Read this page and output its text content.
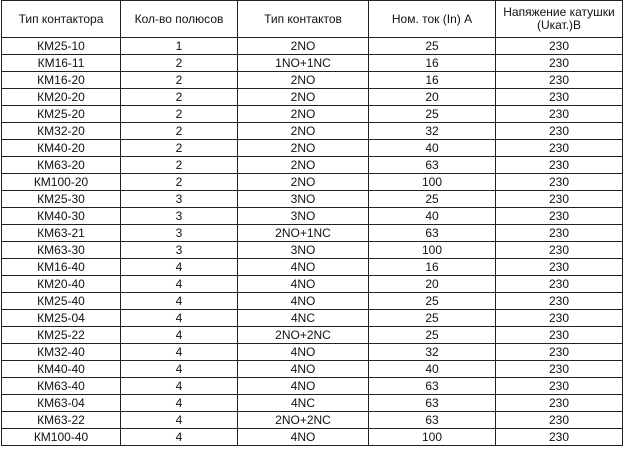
Тип контактора	Кол-во полюсов	Тип контактов	Ном. ток (In) A	Напяжение катушки (Uкат.)B
КМ25-10	1	2NO	25	230
КМ16-11	2	1NO+1NC	16	230
КМ16-20	2	2NO	16	230
КМ20-20	2	2NO	20	230
КМ25-20	2	2NO	25	230
КМ32-20	2	2NO	32	230
КМ40-20	2	2NO	40	230
КМ63-20	2	2NO	63	230
КМ100-20	2	2NO	100	230
КМ25-30	3	3NO	25	230
КМ40-30	3	3NO	40	230
КМ63-21	3	2NO+1NC	63	230
КМ63-30	3	3NO	100	230
КМ16-40	4	4NO	16	230
КМ20-40	4	4NO	20	230
КМ25-40	4	4NO	25	230
КМ25-04	4	4NC	25	230
КМ25-22	4	2NO+2NC	25	230
КМ32-40	4	4NO	32	230
КМ40-40	4	4NO	40	230
КМ63-40	4	4NO	63	230
КМ63-04	4	4NC	63	230
КМ63-22	4	2NO+2NC	63	230
КМ100-40	4	4NO	100	230
